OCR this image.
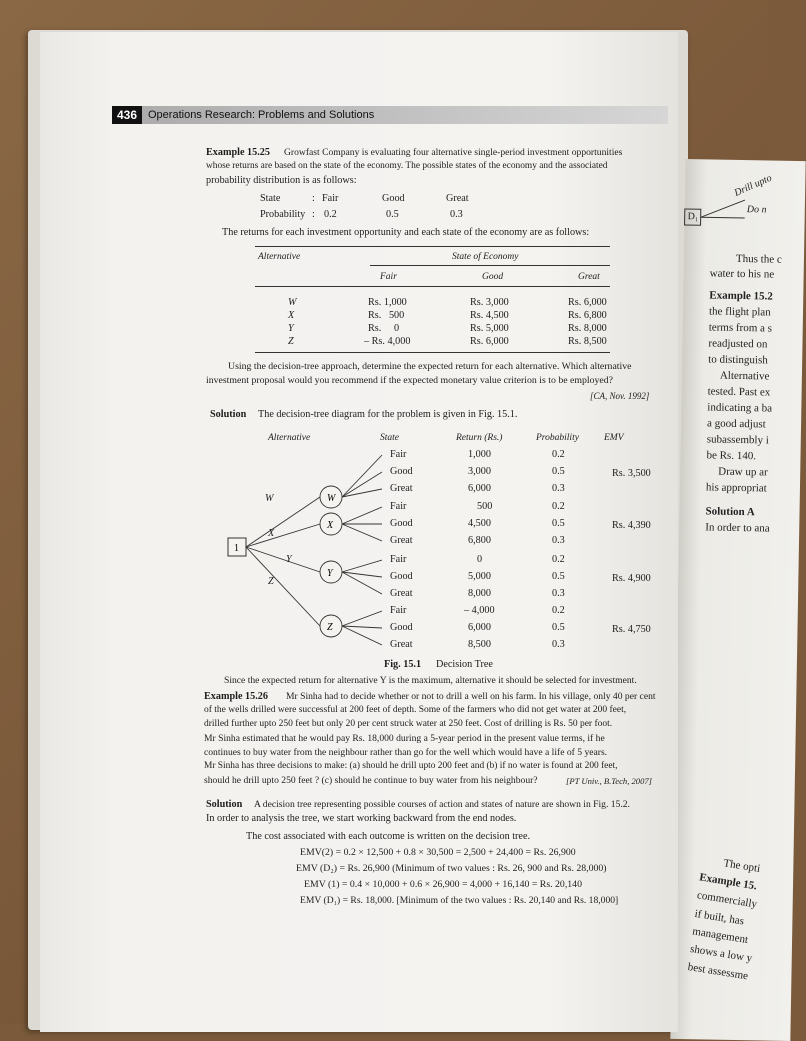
D₁
Drill upto
Do n
Thus the c
water to his ne
Example 15.2
the flight plan
terms from a s
readjusted on
to distinguish
Alternative
tested. Past ex
indicating a ba
a good adjust
subassembly i
be Rs. 140.
Draw up ar
his appropriat
Solution A
In order to ana
The opti
Example 15.
commercially
if built, has
management
shows a low y
best assessme
436 Operations Research: Problems and Solutions
Example 15.25 Growfast Company is evaluating four alternative single-period investment opportunities
whose returns are based on the state of the economy. The possible states of the economy and the associated
probability distribution is as follows:
State	: Fair	Good	Great
Probability : 0.2	0.5	0.3
The returns for each investment opportunity and each state of the economy are as follows:
Alternative	State of Economy
Fair	Good	Great
W	Rs. 1,000	Rs. 3,000	Rs. 6,000
X	Rs.   500	Rs. 4,500	Rs. 6,800
Y	Rs.     0	Rs. 5,000	Rs. 8,000
Z	– Rs. 4,000	Rs. 6,000	Rs. 8,500
Using the decision-tree approach, determine the expected return for each alternative. Which alternative
investment proposal would you recommend if the expected monetary value criterion is to be employed?
[CA, Nov. 1992]
Solution The decision-tree diagram for the problem is given in Fig. 15.1.
1
W
X
Y
Z
Alternative	State	Return (Rs.)	Probability	EMV
W
Fair	1,000	0.2
Good	3,000	0.5
Great	6,000	0.3
Rs. 3,500
X
Fair	500	0.2
Good	4,500	0.5
Great	6,800	0.3
Rs. 4,390
Y	Fair	0	0.2
Good	5,000	0.5
Great	8,000	0.3
Rs. 4,900
Z
Fair	– 4,000	0.2
Good	6,000	0.5
Great	8,500	0.3
Rs. 4,750
Fig. 15.1 Decision Tree
Since the expected return for alternative Y is the maximum, alternative it should be selected for investment.
Example 15.26 Mr Sinha had to decide whether or not to drill a well on his farm. In his village, only 40 per cent
of the wells drilled were successful at 200 feet of depth. Some of the farmers who did not get water at 200 feet,
drilled further upto 250 feet but only 20 per cent struck water at 250 feet. Cost of drilling is Rs. 50 per foot.
Mr Sinha estimated that he would pay Rs. 18,000 during a 5-year period in the present value terms, if he
continues to buy water from the neighbour rather than go for the well which would have a life of 5 years.
Mr Sinha has three decisions to make: (a) should he drill upto 200 feet and (b) if no water is found at 200 feet,
should he drill upto 250 feet ? (c) should he continue to buy water from his neighbour?	[PT Univ., B.Tech, 2007]
Solution A decision tree representing possible courses of action and states of nature are shown in Fig. 15.2.
In order to analysis the tree, we start working backward from the end nodes.
The cost associated with each outcome is written on the decision tree.
EMV(2) = 0.2 × 12,500 + 0.8 × 30,500 = 2,500 + 24,400 = Rs. 26,900
EMV (D₂) = Rs. 26,900 (Minimum of two values : Rs. 26, 900 and Rs. 28,000)
EMV (1) = 0.4 × 10,000 + 0.6 × 26,900 = 4,000 + 16,140 = Rs. 20,140
EMV (D₁) = Rs. 18,000. [Minimum of the two values : Rs. 20,140 and Rs. 18,000]
